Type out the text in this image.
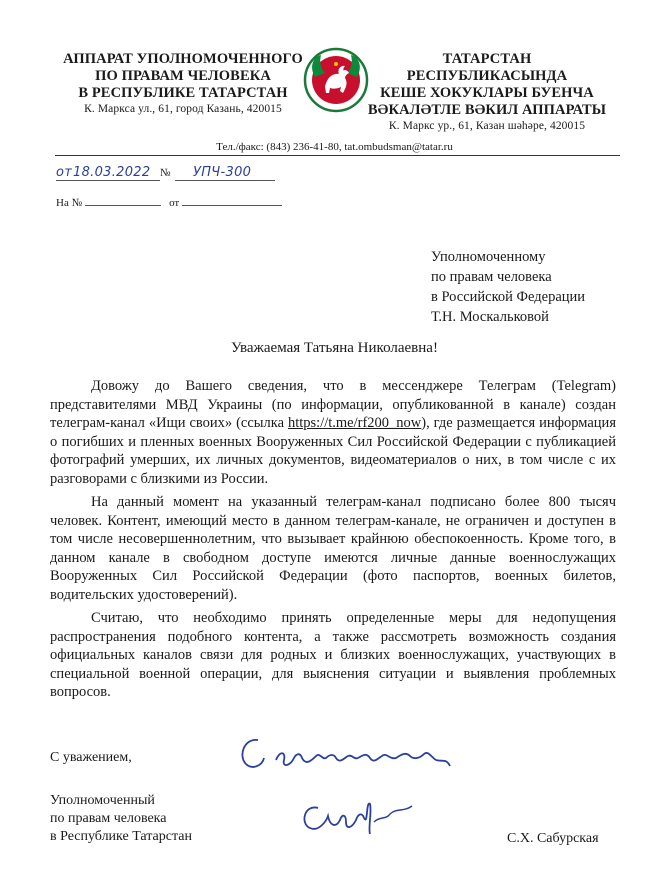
АППАРАТ УПОЛНОМОЧЕННОГО
ПО ПРАВАМ ЧЕЛОВЕКА
В РЕСПУБЛИКЕ ТАТАРСТАН
К. Маркса ул., 61, город Казань, 420015
ТАТАРСТАН РЕСПУБЛИКАСЫНДА
КЕШЕ ХОКУКЛАРЫ БУЕНЧА
ВӘКАЛӘТЛЕ ВӘКИЛ АППАРАТЫ
К. Маркс ур., 61, Казан шәһәре, 420015
Тел./факс: (843) 236-41-80, tat.ombudsman@tatar.ru
от 18.03.2022 № УПЧ-300
На №	от
Уполномоченному
по правам человека
в Российской Федерации
Т.Н. Москальковой
Уважаемая Татьяна Николаевна!

Довожу до Вашего сведения, что в мессенджере Телеграм (Telegram) представителями МВД Украины (по информации, опубликованной в канале) создан телеграм-канал «Ищи своих» (ссылка https://t.me/rf200_now), где размещается информация о погибших и пленных военных Вооруженных Сил Российской Федерации с публикацией фотографий умерших, их личных документов, видеоматериалов о них, в том числе с их разговорами с близкими из России.

На данный момент на указанный телеграм-канал подписано более 800 тысяч человек. Контент, имеющий место в данном телеграм-канале, не ограничен и доступен в том числе несовершеннолетним, что вызывает крайнюю обеспокоенность. Кроме того, в данном канале в свободном доступе имеются личные данные военнослужащих Вооруженных Сил Российской Федерации (фото паспортов, военных билетов, водительских удостоверений).

Считаю, что необходимо принять определенные меры для недопущения распространения подобного контента, а также рассмотреть возможность создания официальных каналов связи для родных и близких военнослужащих, участвующих в специальной военной операции, для выяснения ситуации и выявления проблемных вопросов.

С уважением,
Уполномоченный
по правам человека
в Республике Татарстан	С.Х. Сабурская
